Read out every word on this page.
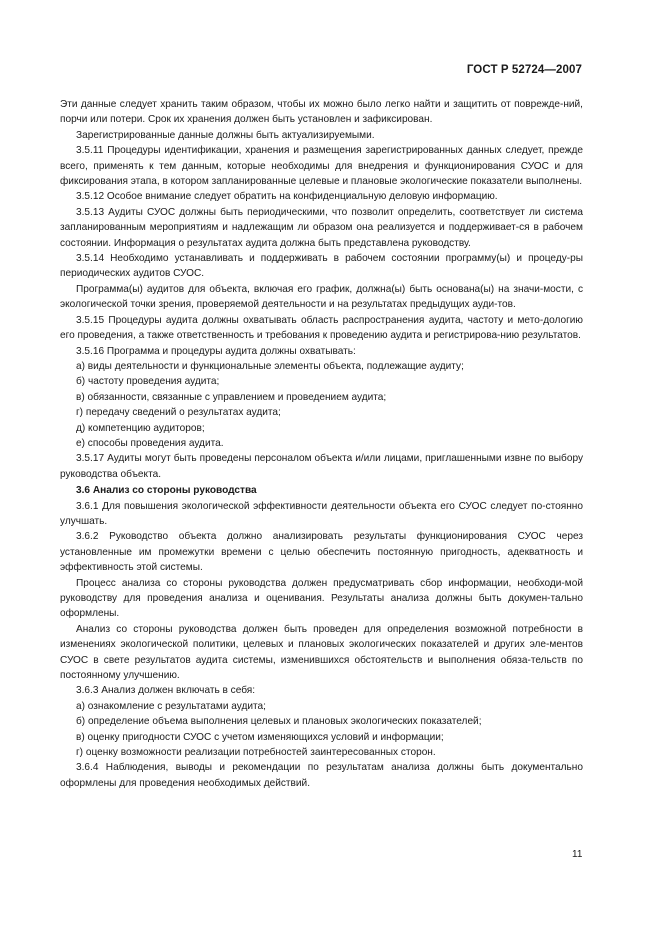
ГОСТ Р 52724—2007

Эти данные следует хранить таким образом, чтобы их можно было легко найти и защитить от поврежде-ний, порчи или потери. Срок их хранения должен быть установлен и зафиксирован.

Зарегистрированные данные должны быть актуализируемыми.

3.5.11 Процедуры идентификации, хранения и размещения зарегистрированных данных следует, прежде всего, применять к тем данным, которые необходимы для внедрения и функционирования СУОС и для фиксирования этапа, в котором запланированные целевые и плановые экологические показатели выполнены.

3.5.12 Особое внимание следует обратить на конфиденциальную деловую информацию.

3.5.13 Аудиты СУОС должны быть периодическими, что позволит определить, соответствует ли система запланированным мероприятиям и надлежащим ли образом она реализуется и поддерживает-ся в рабочем состоянии. Информация о результатах аудита должна быть представлена руководству.

3.5.14 Необходимо устанавливать и поддерживать в рабочем состоянии программу(ы) и процеду-ры периодических аудитов СУОС.

Программа(ы) аудитов для объекта, включая его график, должна(ы) быть основана(ы) на значи-мости, с экологической точки зрения, проверяемой деятельности и на результатах предыдущих ауди-тов.

3.5.15 Процедуры аудита должны охватывать область распространения аудита, частоту и мето-дологию его проведения, а также ответственность и требования к проведению аудита и регистрирова-нию результатов.

3.5.16 Программа и процедуры аудита должны охватывать:

а) виды деятельности и функциональные элементы объекта, подлежащие аудиту;

б) частоту проведения аудита;

в) обязанности, связанные с управлением и проведением аудита;

г) передачу сведений о результатах аудита;

д) компетенцию аудиторов;

е) способы проведения аудита.

3.5.17 Аудиты могут быть проведены персоналом объекта и/или лицами, приглашенными извне по выбору руководства объекта.

3.6 Анализ со стороны руководства

3.6.1 Для повышения экологической эффективности деятельности объекта его СУОС следует по-стоянно улучшать.

3.6.2 Руководство объекта должно анализировать результаты функционирования СУОС через установленные им промежутки времени с целью обеспечить постоянную пригодность, адекватность и эффективность этой системы.

Процесс анализа со стороны руководства должен предусматривать сбор информации, необходи-мой руководству для проведения анализа и оценивания. Результаты анализа должны быть докумен-тально оформлены.

Анализ со стороны руководства должен быть проведен для определения возможной потребности в изменениях экологической политики, целевых и плановых экологических показателей и других эле-ментов СУОС в свете результатов аудита системы, изменившихся обстоятельств и выполнения обяза-тельств по постоянному улучшению.

3.6.3 Анализ должен включать в себя:

а) ознакомление с результатами аудита;

б) определение объема выполнения целевых и плановых экологических показателей;

в) оценку пригодности СУОС с учетом изменяющихся условий и информации;

г) оценку возможности реализации потребностей заинтересованных сторон.

3.6.4 Наблюдения, выводы и рекомендации по результатам анализа должны быть документально оформлены для проведения необходимых действий.

11
